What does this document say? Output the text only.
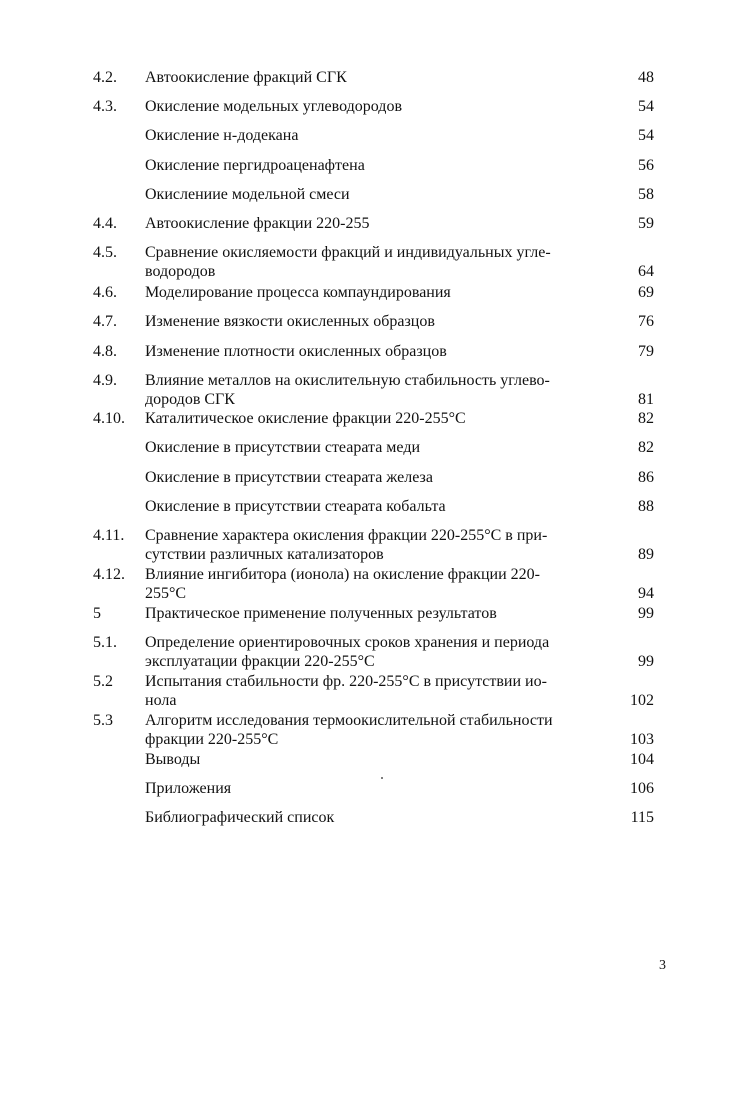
4.2. Автоокисление фракций СГК	48
4.3. Окисление модельных углеводородов	54
Окисление н-додекана	54
Окисление пергидроаценафтена	56
Окислениие модельной смеси	58
4.4. Автоокисление фракции 220-255	59
4.5. Сравнение окисляемости фракций и индивидуальных угле-
водородов	64
4.6. Моделирование процесса компаундирования	69
4.7. Изменение вязкости окисленных образцов	76
4.8. Изменение плотности окисленных образцов	79
4.9. Влияние металлов на окислительную стабильность углево-
дородов СГК	81
4.10. Каталитическое окисление фракции 220-255°С	82
Окисление в присутствии стеарата меди	82
Окисление в присутствии стеарата железа	86
Окисление в присутствии стеарата кобальта	88
4.11. Сравнение характера окисления фракции 220-255°С в при-
сутствии различных катализаторов	89
4.12. Влияние ингибитора (ионола) на окисление фракции 220-
255°С	94
5	Практическое применение полученных результатов	99
5.1. Определение ориентировочных сроков хранения и периода
эксплуатации фракции 220-255°С	99
5.2 Испытания стабильности фр. 220-255°С в присутствии ио-
нола	102
5.3 Алгоритм исследования термоокислительной стабильности
фракции 220-255°С	103
Выводы	104
Приложения	106
Библиографический список	115
3
